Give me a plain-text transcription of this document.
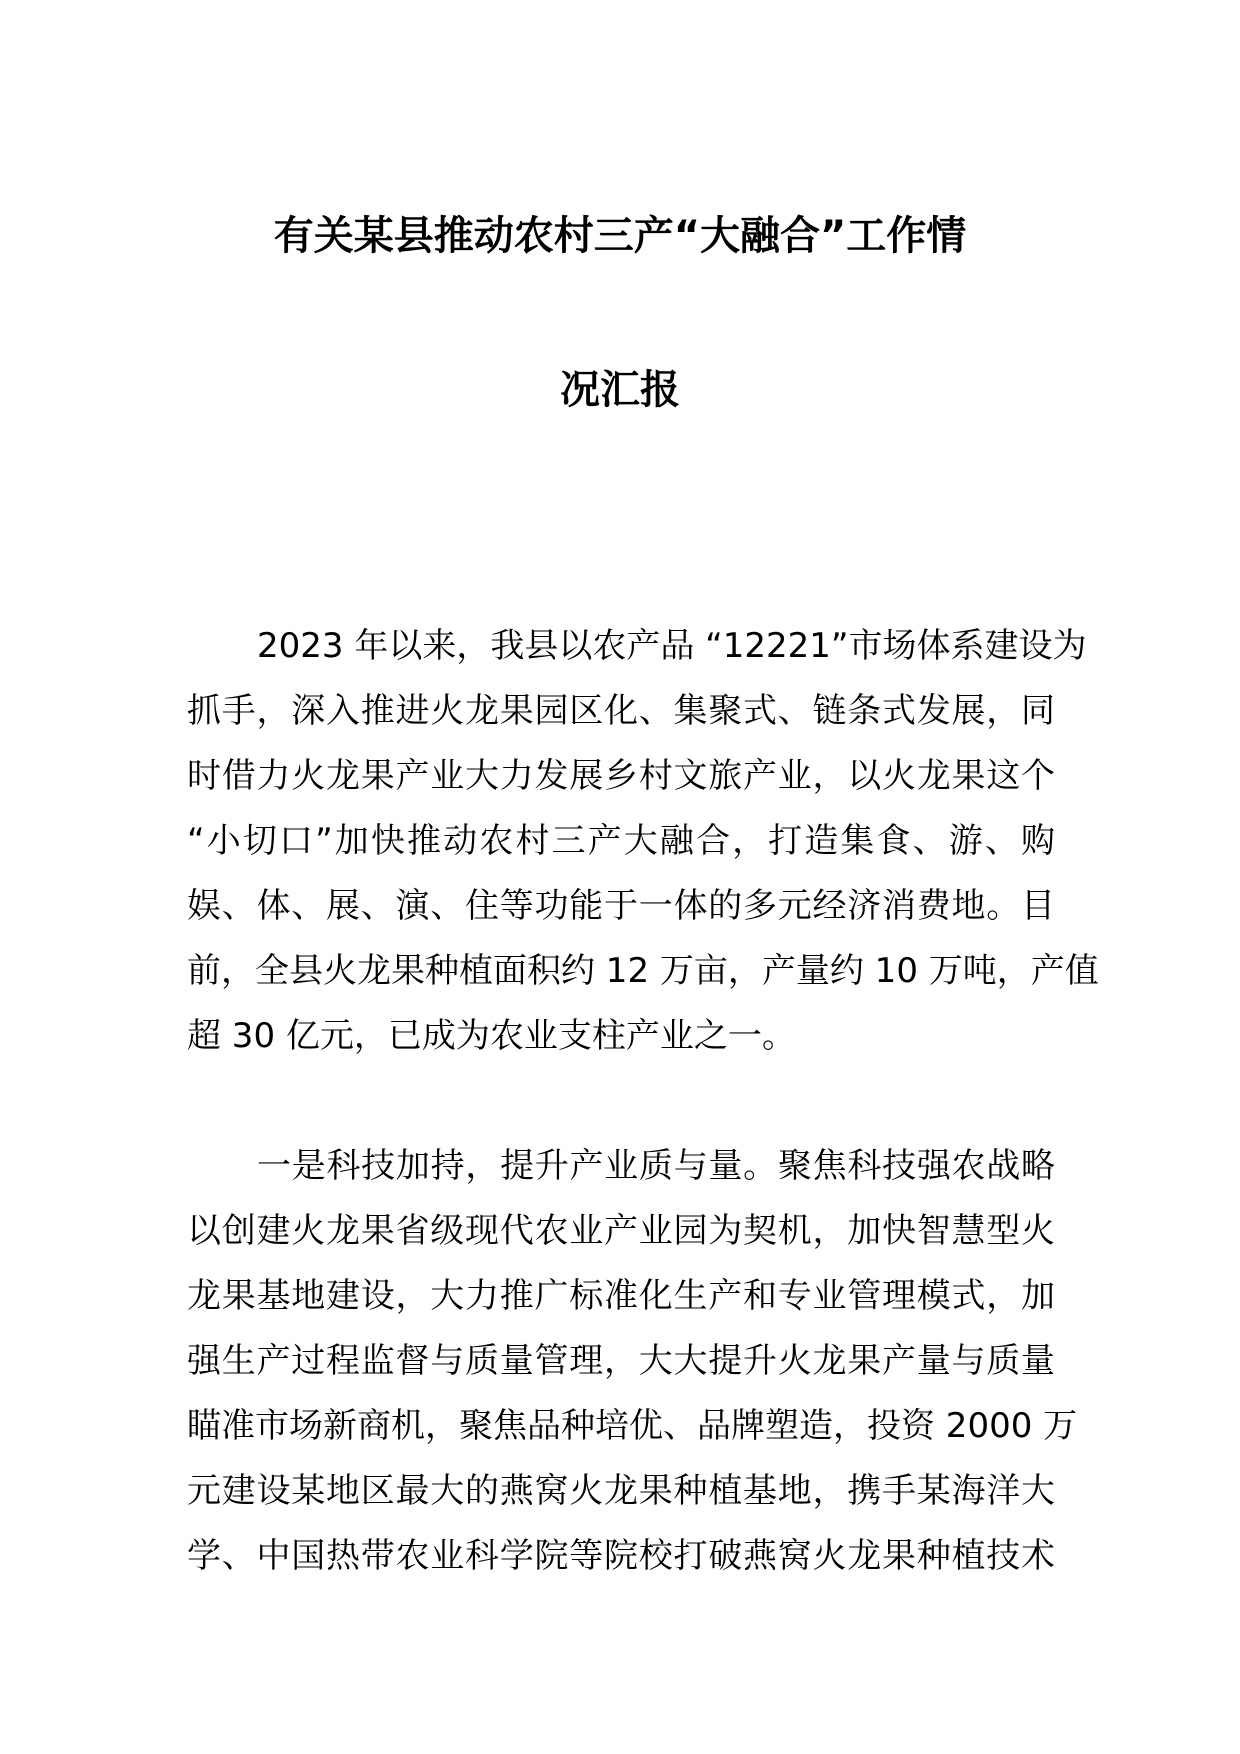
有关某县推动农村三产“大融合”工作情
况汇报
2023 年以来，我县以农产品 “12221”市场体系建设为
抓手，深入推进火龙果园区化、集聚式、链条式发展，同
时借力火龙果产业大力发展乡村文旅产业，以火龙果这个
“小切口”加快推动农村三产大融合，打造集食、游、购
娱、体、展、演、住等功能于一体的多元经济消费地。目
前，全县火龙果种植面积约 12 万亩，产量约 10 万吨，产值
超 30 亿元，已成为农业支柱产业之一。
一是科技加持，提升产业质与量。聚焦科技强农战略
以创建火龙果省级现代农业产业园为契机，加快智慧型火
龙果基地建设，大力推广标准化生产和专业管理模式，加
强生产过程监督与质量管理，大大提升火龙果产量与质量
瞄准市场新商机，聚焦品种培优、品牌塑造，投资 2000 万
元建设某地区最大的燕窝火龙果种植基地，携手某海洋大
学、中国热带农业科学院等院校打破燕窝火龙果种植技术
